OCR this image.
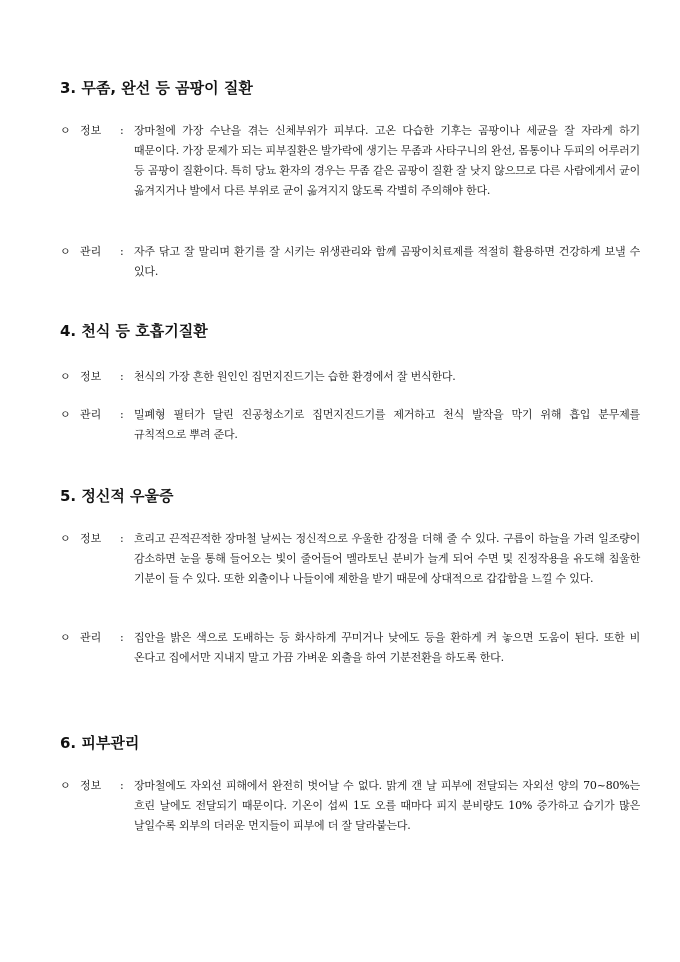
3. 무좀, 완선 등 곰팡이 질환
ㅇ 정보	: 장마철에 가장 수난을 겪는 신체부위가 피부다. 고온 다습한 기후는 곰팡이나 세균을 잘 자라게 하기 때문이다. 가장 문제가 되는 피부질환은 발가락에 생기는 무좀과 사타구니의 완선, 몸통이나 두피의 어루러기 등 곰팡이 질환이다. 특히 당뇨 환자의 경우는 무좀 같은 곰팡이 질환 잘 낫지 않으므로 다른 사람에게서 균이 옮겨지거나 발에서 다른 부위로 균이 옮겨지지 않도록 각별히 주의해야 한다.
ㅇ 관리	: 자주 닦고 잘 말리며 환기를 잘 시키는 위생관리와 함께 곰팡이치료제를 적절히 활용하면 건강하게 보낼 수 있다.
4. 천식 등 호흡기질환
ㅇ 정보	: 천식의 가장 흔한 원인인 집먼지진드기는 습한 환경에서 잘 번식한다.
ㅇ 관리	: 밀폐형 필터가 달린 진공청소기로 집먼지진드기를 제거하고 천식 발작을 막기 위해 흡입 분무제를 규칙적으로 뿌려 준다.
5. 정신적 우울증
ㅇ 정보	: 흐리고 끈적끈적한 장마철 날씨는 정신적으로 우울한 감정을 더해 줄 수 있다. 구름이 하늘을 가려 일조량이 감소하면 눈을 통해 들어오는 빛이 줄어들어 멜라토닌 분비가 늘게 되어 수면 및 진정작용을 유도해 침울한 기분이 들 수 있다. 또한 외출이나 나들이에 제한을 받기 때문에 상대적으로 갑갑함을 느낄 수 있다.
ㅇ 관리	: 집안을 밝은 색으로 도배하는 등 화사하게 꾸미거나 낮에도 등을 환하게 켜 놓으면 도움이 된다. 또한 비 온다고 집에서만 지내지 말고 가끔 가벼운 외출을 하여 기분전환을 하도록 한다.
6. 피부관리
ㅇ 정보	: 장마철에도 자외선 피해에서 완전히 벗어날 수 없다. 맑게 갠 날 피부에 전달되는 자외선 양의 70~80%는 흐린 날에도 전달되기 때문이다. 기온이 섭씨 1도 오를 때마다 피지 분비량도 10% 증가하고 습기가 많은 날일수록 외부의 더러운 먼지들이 피부에 더 잘 달라붙는다.
